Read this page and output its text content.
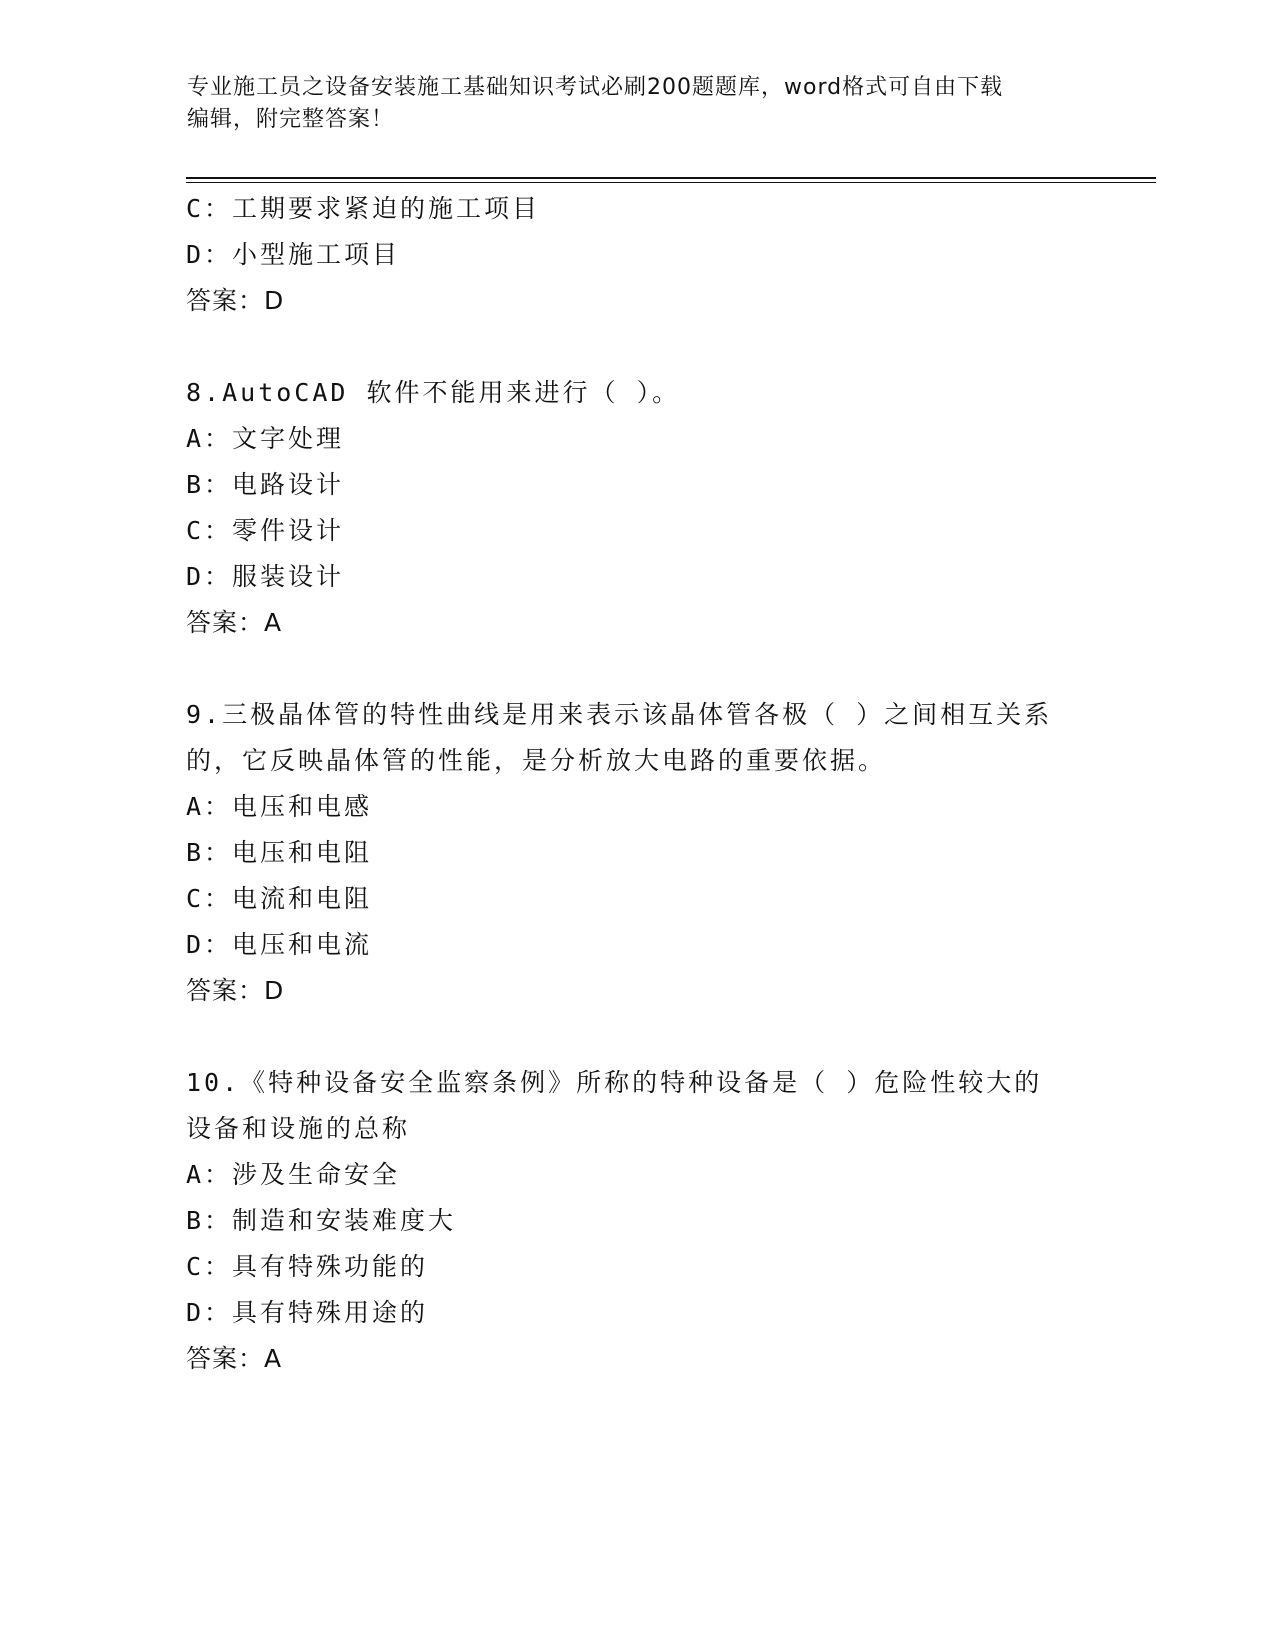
专业施工员之设备安装施工基础知识考试必刷200题题库，word格式可自由下载
编辑，附完整答案！
C：工期要求紧迫的施工项目
D：小型施工项目
答案：D
8.AutoCAD 软件不能用来进行（ ）。
A：文字处理
B：电路设计
C：零件设计
D：服装设计
答案：A
9.三极晶体管的特性曲线是用来表示该晶体管各极（ ）之间相互关系
的，它反映晶体管的性能，是分析放大电路的重要依据。
A：电压和电感
B：电压和电阻
C：电流和电阻
D：电压和电流
答案：D
10.《特种设备安全监察条例》所称的特种设备是（ ）危险性较大的
设备和设施的总称
A：涉及生命安全
B：制造和安装难度大
C：具有特殊功能的
D：具有特殊用途的
答案：A
